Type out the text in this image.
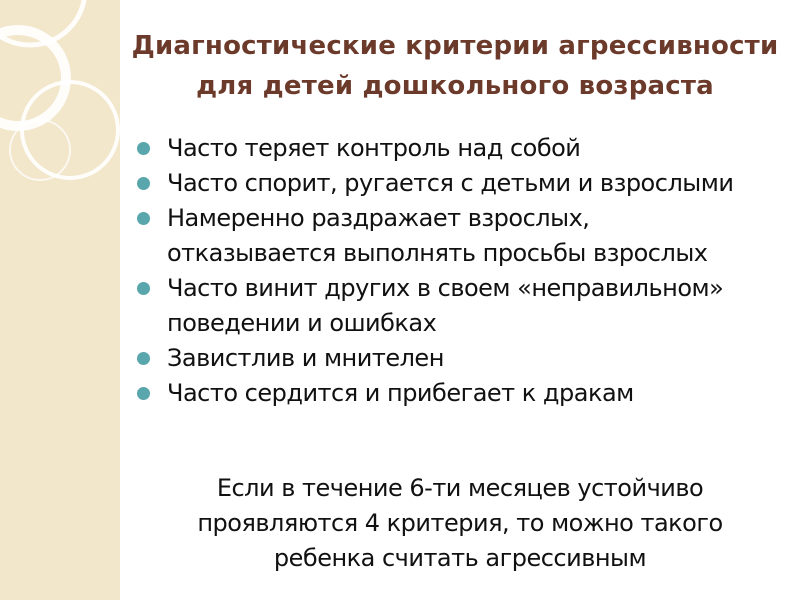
Диагностические критерии агрессивности
для детей дошкольного возраста
Часто теряет контроль над собой
Часто спорит, ругается с детьми и взрослыми
Намеренно раздражает взрослых,
отказывается выполнять просьбы взрослых
Часто винит других в своем «неправильном»
поведении и ошибках
Завистлив и мнителен
Часто сердится и прибегает к дракам
Если в течение 6-ти месяцев устойчиво
проявляются 4 критерия, то можно такого
ребенка считать агрессивным
